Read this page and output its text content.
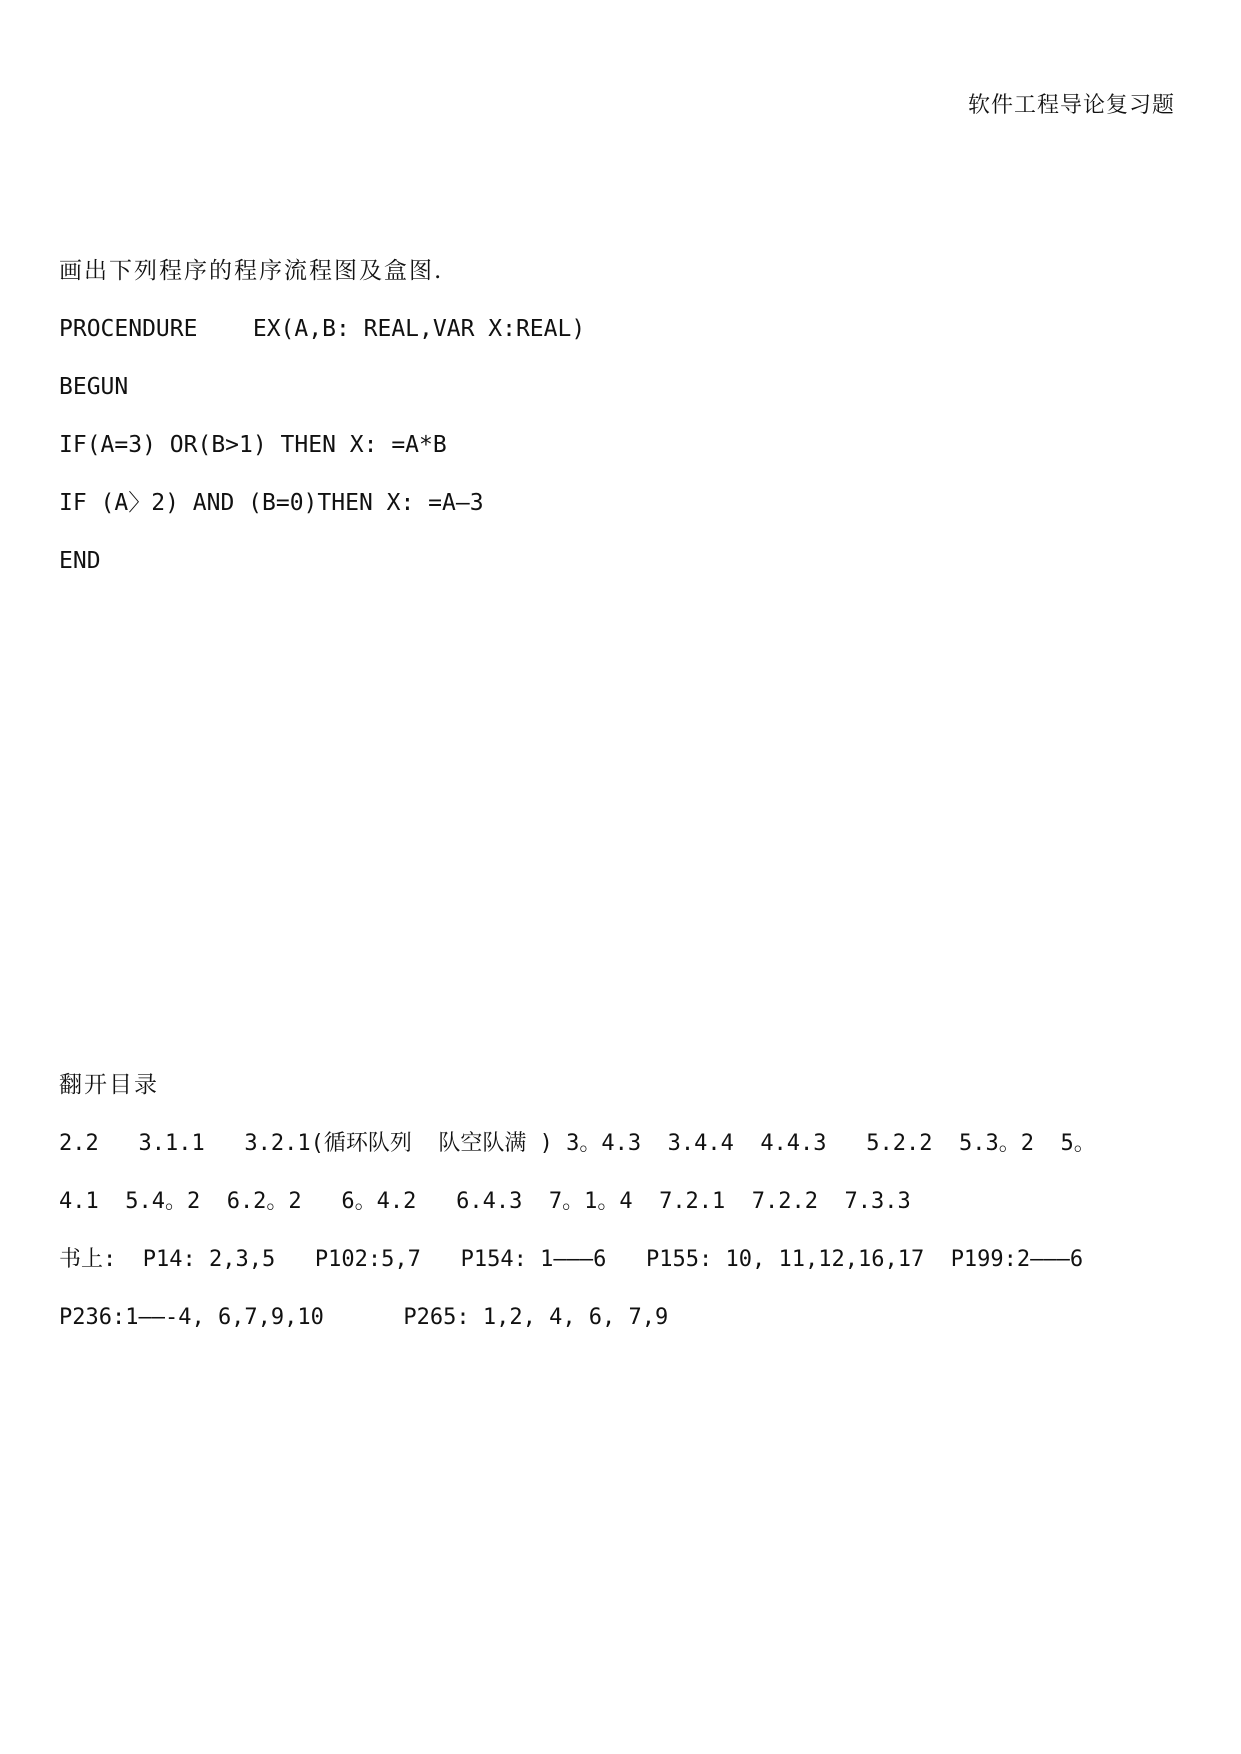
软件工程导论复习题
画出下列程序的程序流程图及盒图.
PROCENDURE    EX(A,B: REAL,VAR X:REAL)
BEGUN
IF(A=3) OR(B>1) THEN X: =A*B
IF (A〉2) AND (B=0)THEN X: =A—3
END
翻开目录
2.2   3.1.1   3.2.1(循环队列  队空队满 ) 3。4.3  3.4.4  4.4.3   5.2.2  5.3。2  5。
4.1  5.4。2  6.2。2   6。4.2   6.4.3  7。1。4  7.2.1  7.2.2  7.3.3
书上:  P14: 2,3,5   P102:5,7   P154: 1———6   P155: 10, 11,12,16,17  P199:2———6
P236:1——-4, 6,7,9,10      P265: 1,2, 4, 6, 7,9
